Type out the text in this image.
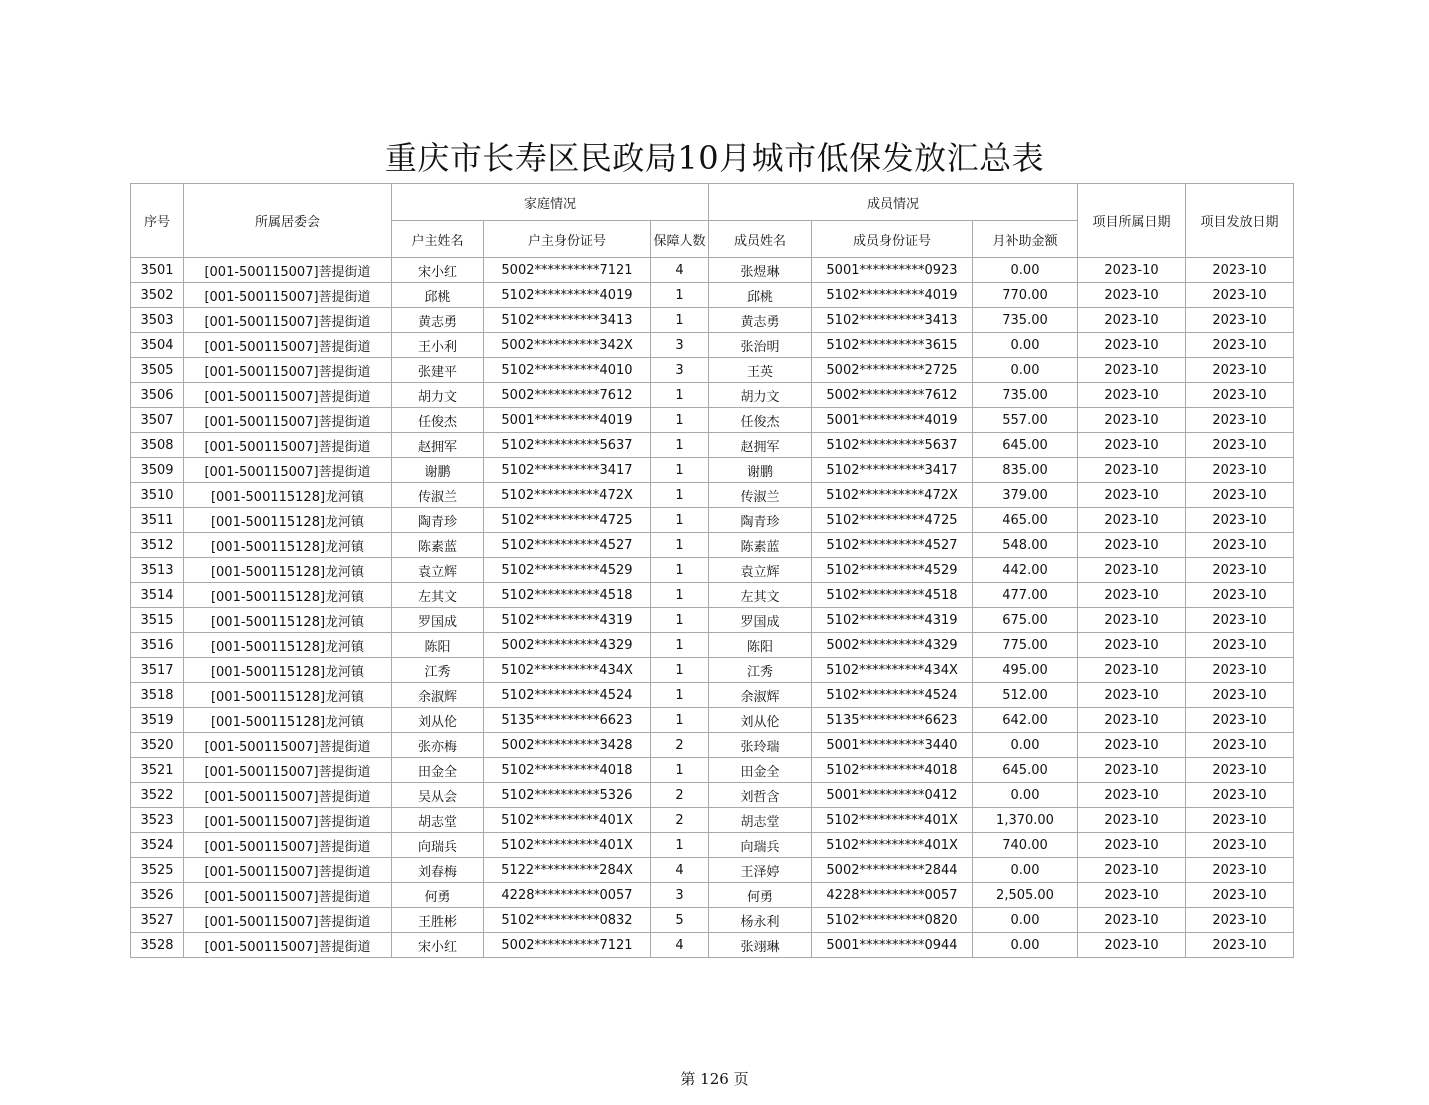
重庆市长寿区民政局10月城市低保发放汇总表
序号	所属居委会	家庭情况			成员情况			项目所属日期	项目发放日期
		户主姓名	户主身份证号	保障人数	成员姓名	成员身份证号	月补助金额		
3501	[001-500115007]菩提街道	宋小红	5002**********7121	4	张煜琳	5001**********0923	0.00	2023-10	2023-10
3502	[001-500115007]菩提街道	邱桃	5102**********4019	1	邱桃	5102**********4019	770.00	2023-10	2023-10
3503	[001-500115007]菩提街道	黄志勇	5102**********3413	1	黄志勇	5102**********3413	735.00	2023-10	2023-10
3504	[001-500115007]菩提街道	王小利	5002**********342X	3	张治明	5102**********3615	0.00	2023-10	2023-10
3505	[001-500115007]菩提街道	张建平	5102**********4010	3	王英	5002**********2725	0.00	2023-10	2023-10
3506	[001-500115007]菩提街道	胡力文	5002**********7612	1	胡力文	5002**********7612	735.00	2023-10	2023-10
3507	[001-500115007]菩提街道	任俊杰	5001**********4019	1	任俊杰	5001**********4019	557.00	2023-10	2023-10
3508	[001-500115007]菩提街道	赵拥军	5102**********5637	1	赵拥军	5102**********5637	645.00	2023-10	2023-10
3509	[001-500115007]菩提街道	谢鹏	5102**********3417	1	谢鹏	5102**********3417	835.00	2023-10	2023-10
3510	[001-500115128]龙河镇	传淑兰	5102**********472X	1	传淑兰	5102**********472X	379.00	2023-10	2023-10
3511	[001-500115128]龙河镇	陶青珍	5102**********4725	1	陶青珍	5102**********4725	465.00	2023-10	2023-10
3512	[001-500115128]龙河镇	陈素蓝	5102**********4527	1	陈素蓝	5102**********4527	548.00	2023-10	2023-10
3513	[001-500115128]龙河镇	袁立辉	5102**********4529	1	袁立辉	5102**********4529	442.00	2023-10	2023-10
3514	[001-500115128]龙河镇	左其文	5102**********4518	1	左其文	5102**********4518	477.00	2023-10	2023-10
3515	[001-500115128]龙河镇	罗国成	5102**********4319	1	罗国成	5102**********4319	675.00	2023-10	2023-10
3516	[001-500115128]龙河镇	陈阳	5002**********4329	1	陈阳	5002**********4329	775.00	2023-10	2023-10
3517	[001-500115128]龙河镇	江秀	5102**********434X	1	江秀	5102**********434X	495.00	2023-10	2023-10
3518	[001-500115128]龙河镇	余淑辉	5102**********4524	1	余淑辉	5102**********4524	512.00	2023-10	2023-10
3519	[001-500115128]龙河镇	刘从伦	5135**********6623	1	刘从伦	5135**********6623	642.00	2023-10	2023-10
3520	[001-500115007]菩提街道	张亦梅	5002**********3428	2	张玲瑞	5001**********3440	0.00	2023-10	2023-10
3521	[001-500115007]菩提街道	田金全	5102**********4018	1	田金全	5102**********4018	645.00	2023-10	2023-10
3522	[001-500115007]菩提街道	吴从会	5102**********5326	2	刘哲含	5001**********0412	0.00	2023-10	2023-10
3523	[001-500115007]菩提街道	胡志堂	5102**********401X	2	胡志堂	5102**********401X	1,370.00	2023-10	2023-10
3524	[001-500115007]菩提街道	向瑞兵	5102**********401X	1	向瑞兵	5102**********401X	740.00	2023-10	2023-10
3525	[001-500115007]菩提街道	刘春梅	5122**********284X	4	王泽婷	5002**********2844	0.00	2023-10	2023-10
3526	[001-500115007]菩提街道	何勇	4228**********0057	3	何勇	4228**********0057	2,505.00	2023-10	2023-10
3527	[001-500115007]菩提街道	王胜彬	5102**********0832	5	杨永利	5102**********0820	0.00	2023-10	2023-10
3528	[001-500115007]菩提街道	宋小红	5002**********7121	4	张翊琳	5001**********0944	0.00	2023-10	2023-10
第 126 页
